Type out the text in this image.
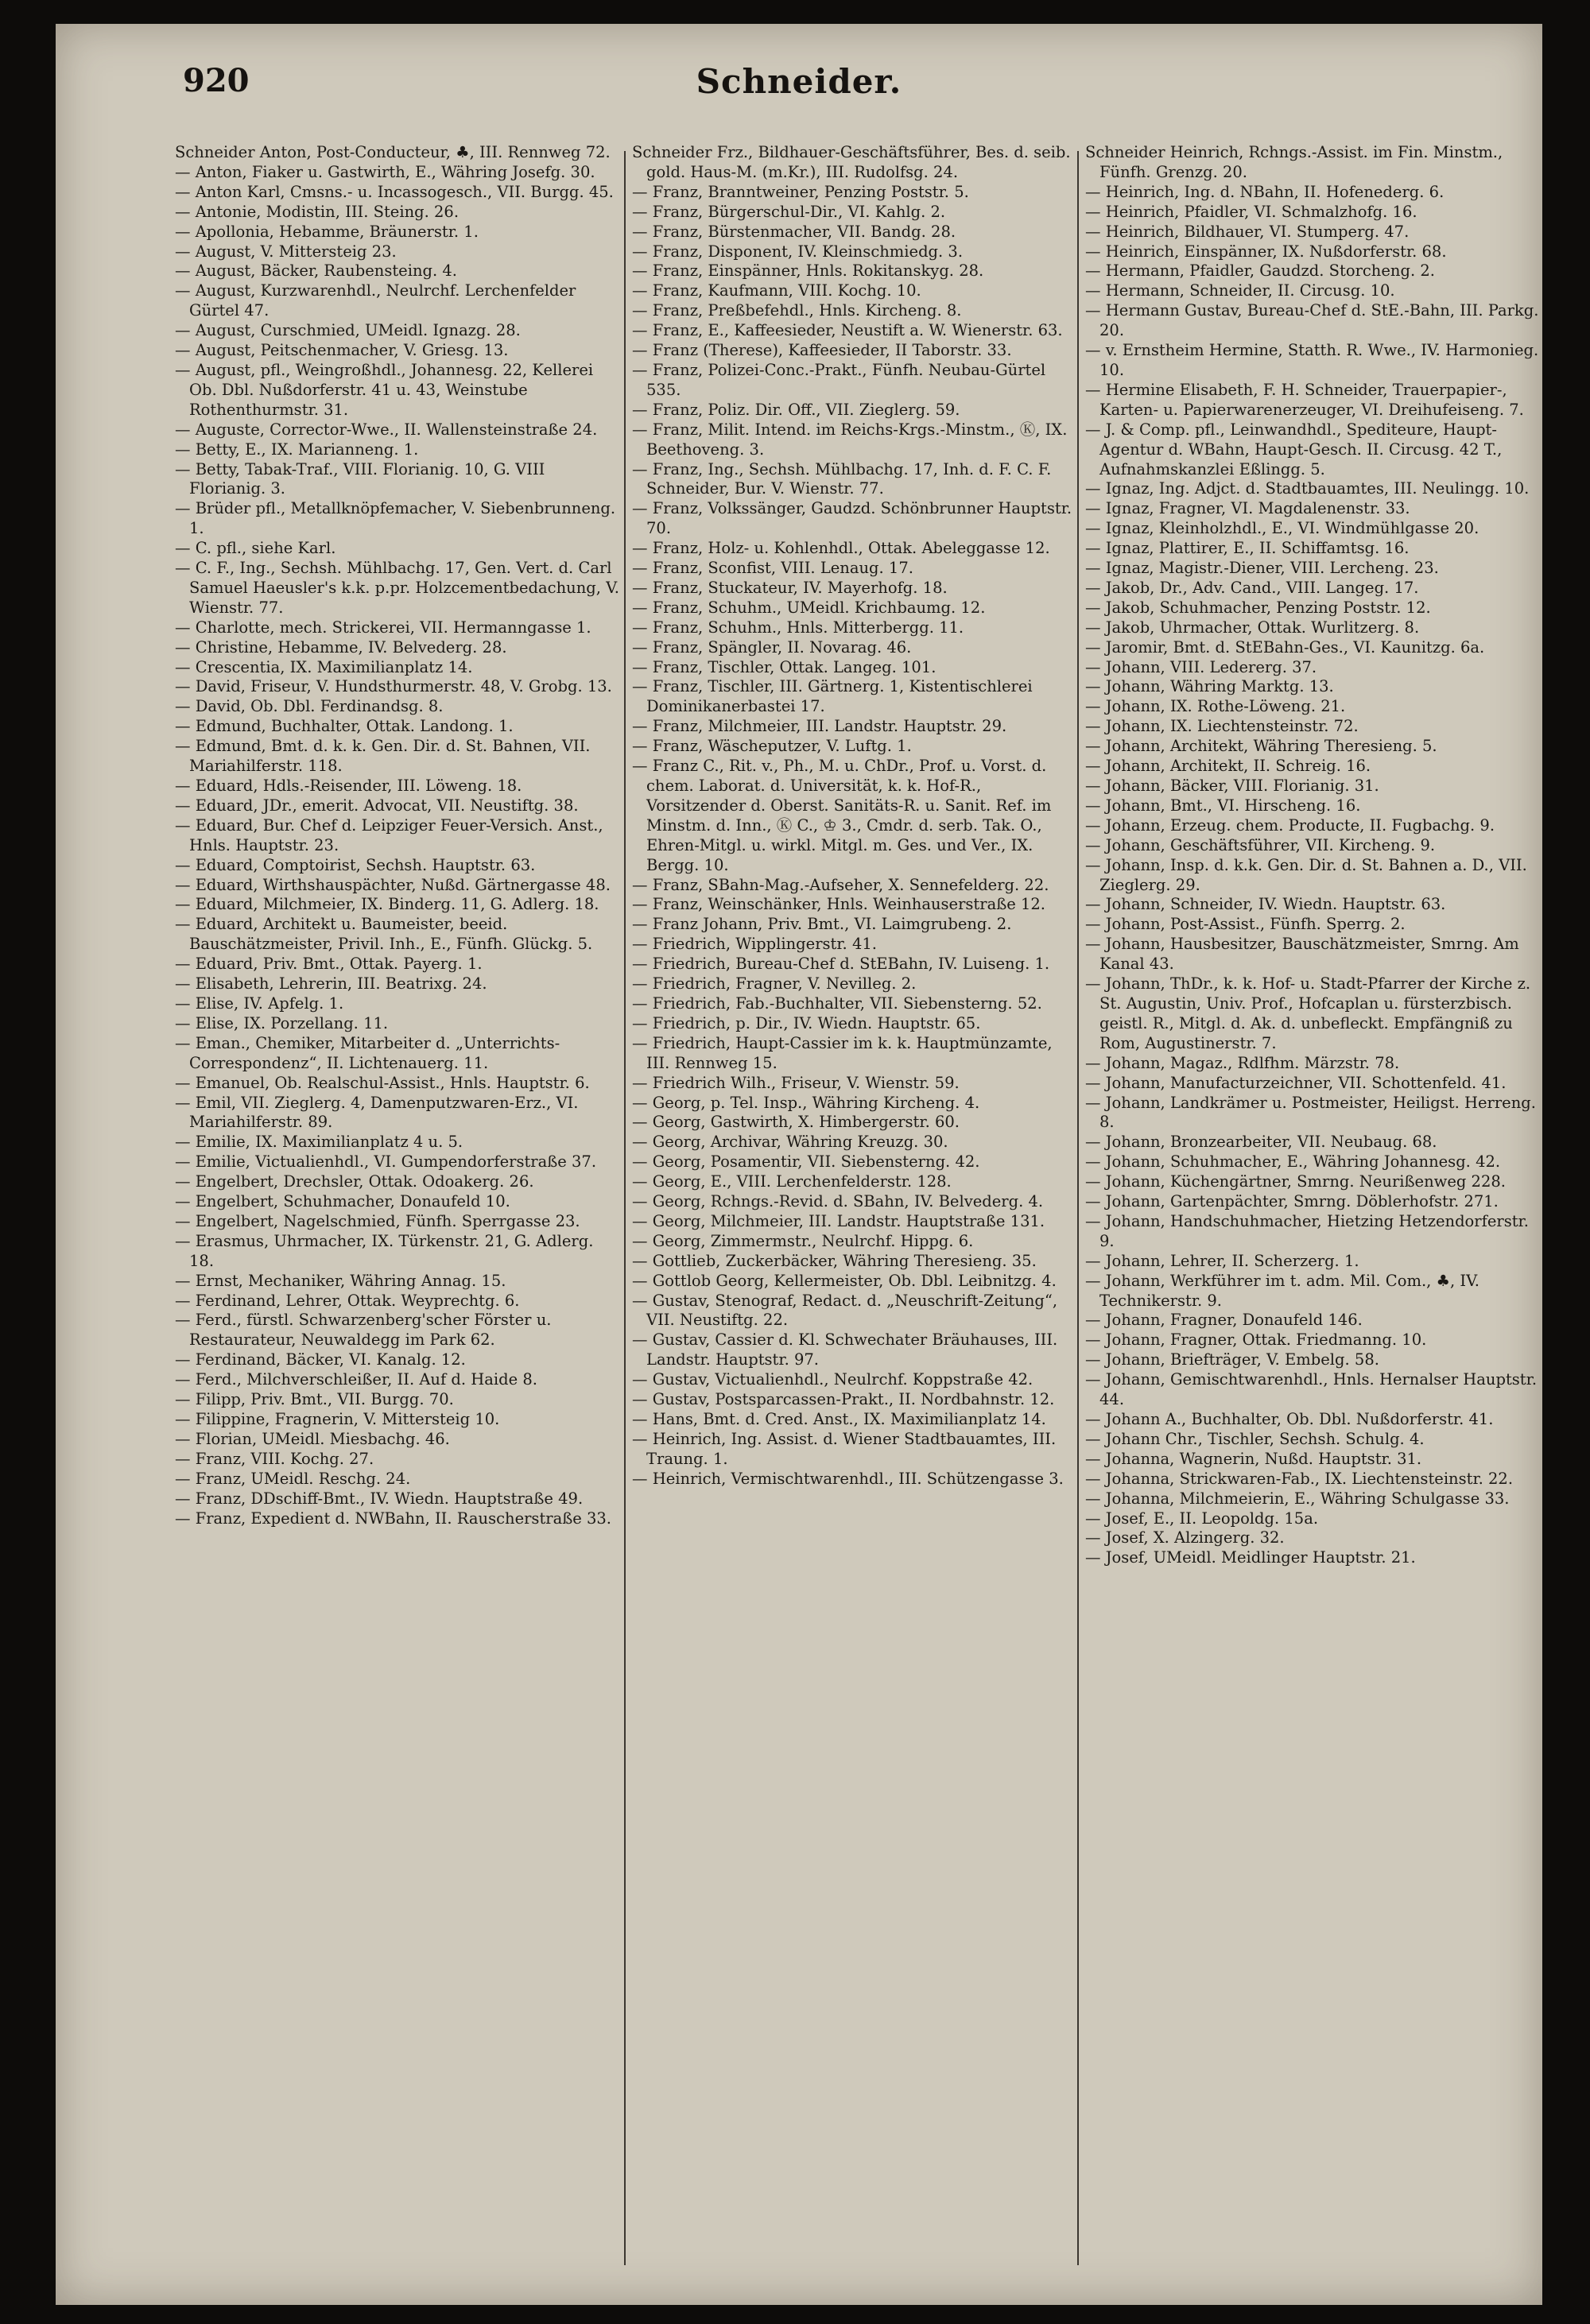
920	Schneider.

Schneider Anton, Post-Conducteur, ♣, III. Rennweg 72.

— Anton, Fiaker u. Gastwirth, E., Währing Josefg. 30.

— Anton Karl, Cmsns.- u. Incassogesch., VII. Burgg. 45.

— Antonie, Modistin, III. Steing. 26.

— Apollonia, Hebamme, Bräunerstr. 1.

— August, V. Mittersteig 23.

— August, Bäcker, Raubensteing. 4.

— August, Kurzwarenhdl., Neulrchf. Lerchenfelder Gürtel 47.

— August, Curschmied, UMeidl. Ignazg. 28.

— August, Peitschenmacher, V. Griesg. 13.

— August, pfl., Weingroßhdl., Johannesg. 22, Kellerei Ob. Dbl. Nußdorferstr. 41 u. 43, Weinstube Rothenthurmstr. 31.

— Auguste, Corrector-Wwe., II. Wallensteinstraße 24.

— Betty, E., IX. Marianneng. 1.

— Betty, Tabak-Traf., VIII. Florianig. 10, G. VIII Florianig. 3.

— Brüder pfl., Metallknöpfemacher, V. Siebenbrunneng. 1.

— C. pfl., siehe Karl.

— C. F., Ing., Sechsh. Mühlbachg. 17, Gen. Vert. d. Carl Samuel Haeusler's k.k. p.pr. Holzcementbedachung, V. Wienstr. 77.

— Charlotte, mech. Strickerei, VII. Hermanngasse 1.

— Christine, Hebamme, IV. Belvederg. 28.

— Crescentia, IX. Maximilianplatz 14.

— David, Friseur, V. Hundsthurmerstr. 48, V. Grobg. 13.

— David, Ob. Dbl. Ferdinandsg. 8.

— Edmund, Buchhalter, Ottak. Landong. 1.

— Edmund, Bmt. d. k. k. Gen. Dir. d. St. Bahnen, VII. Mariahilferstr. 118.

— Eduard, Hdls.-Reisender, III. Löweng. 18.

— Eduard, JDr., emerit. Advocat, VII. Neustiftg. 38.

— Eduard, Bur. Chef d. Leipziger Feuer-Versich. Anst., Hnls. Hauptstr. 23.

— Eduard, Comptoirist, Sechsh. Hauptstr. 63.

— Eduard, Wirthshauspächter, Nußd. Gärtnergasse 48.

— Eduard, Milchmeier, IX. Binderg. 11, G. Adlerg. 18.

— Eduard, Architekt u. Baumeister, beeid. Bauschätzmeister, Privil. Inh., E., Fünfh. Glückg. 5.

— Eduard, Priv. Bmt., Ottak. Payerg. 1.

— Elisabeth, Lehrerin, III. Beatrixg. 24.

— Elise, IV. Apfelg. 1.

— Elise, IX. Porzellang. 11.

— Eman., Chemiker, Mitarbeiter d. „Unterrichts-Correspondenz“, II. Lichtenauerg. 11.

— Emanuel, Ob. Realschul-Assist., Hnls. Hauptstr. 6.

— Emil, VII. Zieglerg. 4, Damenputzwaren-Erz., VI. Mariahilferstr. 89.

— Emilie, IX. Maximilianplatz 4 u. 5.

— Emilie, Victualienhdl., VI. Gumpendorferstraße 37.

— Engelbert, Drechsler, Ottak. Odoakerg. 26.

— Engelbert, Schuhmacher, Donaufeld 10.

— Engelbert, Nagelschmied, Fünfh. Sperrgasse 23.

— Erasmus, Uhrmacher, IX. Türkenstr. 21, G. Adlerg. 18.

— Ernst, Mechaniker, Währing Annag. 15.

— Ferdinand, Lehrer, Ottak. Weyprechtg. 6.

— Ferd., fürstl. Schwarzenberg'scher Förster u. Restaurateur, Neuwaldegg im Park 62.

— Ferdinand, Bäcker, VI. Kanalg. 12.

— Ferd., Milchverschleißer, II. Auf d. Haide 8.

— Filipp, Priv. Bmt., VII. Burgg. 70.

— Filippine, Fragnerin, V. Mittersteig 10.

— Florian, UMeidl. Miesbachg. 46.

— Franz, VIII. Kochg. 27.

— Franz, UMeidl. Reschg. 24.

— Franz, DDschiff-Bmt., IV. Wiedn. Hauptstraße 49.

— Franz, Expedient d. NWBahn, II. Rauscherstraße 33.

Schneider Frz., Bildhauer-Geschäftsführer, Bes. d. seib. gold. Haus-M. (m.Kr.), III. Rudolfsg. 24.

— Franz, Branntweiner, Penzing Poststr. 5.

— Franz, Bürgerschul-Dir., VI. Kahlg. 2.

— Franz, Bürstenmacher, VII. Bandg. 28.

— Franz, Disponent, IV. Kleinschmiedg. 3.

— Franz, Einspänner, Hnls. Rokitanskyg. 28.

— Franz, Kaufmann, VIII. Kochg. 10.

— Franz, Preßbefehdl., Hnls. Kircheng. 8.

— Franz, E., Kaffeesieder, Neustift a. W. Wienerstr. 63.

— Franz (Therese), Kaffeesieder, II Taborstr. 33.

— Franz, Polizei-Conc.-Prakt., Fünfh. Neubau-Gürtel 535.

— Franz, Poliz. Dir. Off., VII. Zieglerg. 59.

— Franz, Milit. Intend. im Reichs-Krgs.-Minstm., Ⓚ, IX. Beethoveng. 3.

— Franz, Ing., Sechsh. Mühlbachg. 17, Inh. d. F. C. F. Schneider, Bur. V. Wienstr. 77.

— Franz, Volkssänger, Gaudzd. Schönbrunner Hauptstr. 70.

— Franz, Holz- u. Kohlenhdl., Ottak. Abeleggasse 12.

— Franz, Sconfist, VIII. Lenaug. 17.

— Franz, Stuckateur, IV. Mayerhofg. 18.

— Franz, Schuhm., UMeidl. Krichbaumg. 12.

— Franz, Schuhm., Hnls. Mitterbergg. 11.

— Franz, Spängler, II. Novarag. 46.

— Franz, Tischler, Ottak. Langeg. 101.

— Franz, Tischler, III. Gärtnerg. 1, Kistentischlerei Dominikanerbastei 17.

— Franz, Milchmeier, III. Landstr. Hauptstr. 29.

— Franz, Wäscheputzer, V. Luftg. 1.

— Franz C., Rit. v., Ph., M. u. ChDr., Prof. u. Vorst. d. chem. Laborat. d. Universität, k. k. Hof-R., Vorsitzender d. Oberst. Sanitäts-R. u. Sanit. Ref. im Minstm. d. Inn., Ⓚ C., ♔ 3., Cmdr. d. serb. Tak. O., Ehren-Mitgl. u. wirkl. Mitgl. m. Ges. und Ver., IX. Bergg. 10.

— Franz, SBahn-Mag.-Aufseher, X. Sennefelderg. 22.

— Franz, Weinschänker, Hnls. Weinhauserstraße 12.

— Franz Johann, Priv. Bmt., VI. Laimgrubeng. 2.

— Friedrich, Wipplingerstr. 41.

— Friedrich, Bureau-Chef d. StEBahn, IV. Luiseng. 1.

— Friedrich, Fragner, V. Nevilleg. 2.

— Friedrich, Fab.-Buchhalter, VII. Siebensterng. 52.

— Friedrich, p. Dir., IV. Wiedn. Hauptstr. 65.

— Friedrich, Haupt-Cassier im k. k. Hauptmünzamte, III. Rennweg 15.

— Friedrich Wilh., Friseur, V. Wienstr. 59.

— Georg, p. Tel. Insp., Währing Kircheng. 4.

— Georg, Gastwirth, X. Himbergerstr. 60.

— Georg, Archivar, Währing Kreuzg. 30.

— Georg, Posamentir, VII. Siebensterng. 42.

— Georg, E., VIII. Lerchenfelderstr. 128.

— Georg, Rchngs.-Revid. d. SBahn, IV. Belvederg. 4.

— Georg, Milchmeier, III. Landstr. Hauptstraße 131.

— Georg, Zimmermstr., Neulrchf. Hippg. 6.

— Gottlieb, Zuckerbäcker, Währing Theresieng. 35.

— Gottlob Georg, Kellermeister, Ob. Dbl. Leibnitzg. 4.

— Gustav, Stenograf, Redact. d. „Neuschrift-Zeitung“, VII. Neustiftg. 22.

— Gustav, Cassier d. Kl. Schwechater Bräuhauses, III. Landstr. Hauptstr. 97.

— Gustav, Victualienhdl., Neulrchf. Koppstraße 42.

— Gustav, Postsparcassen-Prakt., II. Nordbahnstr. 12.

— Hans, Bmt. d. Cred. Anst., IX. Maximilianplatz 14.

— Heinrich, Ing. Assist. d. Wiener Stadtbauamtes, III. Traung. 1.

— Heinrich, Vermischtwarenhdl., III. Schützengasse 3.

Schneider Heinrich, Rchngs.-Assist. im Fin. Minstm., Fünfh. Grenzg. 20.

— Heinrich, Ing. d. NBahn, II. Hofenederg. 6.

— Heinrich, Pfaidler, VI. Schmalzhofg. 16.

— Heinrich, Bildhauer, VI. Stumperg. 47.

— Heinrich, Einspänner, IX. Nußdorferstr. 68.

— Hermann, Pfaidler, Gaudzd. Storcheng. 2.

— Hermann, Schneider, II. Circusg. 10.

— Hermann Gustav, Bureau-Chef d. StE.-Bahn, III. Parkg. 20.

— v. Ernstheim Hermine, Statth. R. Wwe., IV. Harmonieg. 10.

— Hermine Elisabeth, F. H. Schneider, Trauerpapier-, Karten- u. Papierwarenerzeuger, VI. Dreihufeiseng. 7.

— J. & Comp. pfl., Leinwandhdl., Spediteure, Haupt-Agentur d. WBahn, Haupt-Gesch. II. Circusg. 42 T., Aufnahmskanzlei Eßlingg. 5.

— Ignaz, Ing. Adjct. d. Stadtbauamtes, III. Neulingg. 10.

— Ignaz, Fragner, VI. Magdalenenstr. 33.

— Ignaz, Kleinholzhdl., E., VI. Windmühlgasse 20.

— Ignaz, Plattirer, E., II. Schiffamtsg. 16.

— Ignaz, Magistr.-Diener, VIII. Lercheng. 23.

— Jakob, Dr., Adv. Cand., VIII. Langeg. 17.

— Jakob, Schuhmacher, Penzing Poststr. 12.

— Jakob, Uhrmacher, Ottak. Wurlitzerg. 8.

— Jaromir, Bmt. d. StEBahn-Ges., VI. Kaunitzg. 6a.

— Johann, VIII. Ledererg. 37.

— Johann, Währing Marktg. 13.

— Johann, IX. Rothe-Löweng. 21.

— Johann, IX. Liechtensteinstr. 72.

— Johann, Architekt, Währing Theresieng. 5.

— Johann, Architekt, II. Schreig. 16.

— Johann, Bäcker, VIII. Florianig. 31.

— Johann, Bmt., VI. Hirscheng. 16.

— Johann, Erzeug. chem. Producte, II. Fugbachg. 9.

— Johann, Geschäftsführer, VII. Kircheng. 9.

— Johann, Insp. d. k.k. Gen. Dir. d. St. Bahnen a. D., VII. Zieglerg. 29.

— Johann, Schneider, IV. Wiedn. Hauptstr. 63.

— Johann, Post-Assist., Fünfh. Sperrg. 2.

— Johann, Hausbesitzer, Bauschätzmeister, Smrng. Am Kanal 43.

— Johann, ThDr., k. k. Hof- u. Stadt-Pfarrer der Kirche z. St. Augustin, Univ. Prof., Hofcaplan u. fürsterzbisch. geistl. R., Mitgl. d. Ak. d. unbefleckt. Empfängniß zu Rom, Augustinerstr. 7.

— Johann, Magaz., Rdlfhm. Märzstr. 78.

— Johann, Manufacturzeichner, VII. Schottenfeld. 41.

— Johann, Landkrämer u. Postmeister, Heiligst. Herreng. 8.

— Johann, Bronzearbeiter, VII. Neubaug. 68.

— Johann, Schuhmacher, E., Währing Johannesg. 42.

— Johann, Küchengärtner, Smrng. Neurißenweg 228.

— Johann, Gartenpächter, Smrng. Döblerhofstr. 271.

— Johann, Handschuhmacher, Hietzing Hetzendorferstr. 9.

— Johann, Lehrer, II. Scherzerg. 1.

— Johann, Werkführer im t. adm. Mil. Com., ♣, IV. Technikerstr. 9.

— Johann, Fragner, Donaufeld 146.

— Johann, Fragner, Ottak. Friedmanng. 10.

— Johann, Briefträger, V. Embelg. 58.

— Johann, Gemischtwarenhdl., Hnls. Hernalser Hauptstr. 44.

— Johann A., Buchhalter, Ob. Dbl. Nußdorferstr. 41.

— Johann Chr., Tischler, Sechsh. Schulg. 4.

— Johanna, Wagnerin, Nußd. Hauptstr. 31.

— Johanna, Strickwaren-Fab., IX. Liechtensteinstr. 22.

— Johanna, Milchmeierin, E., Währing Schulgasse 33.

— Josef, E., II. Leopoldg. 15a.

— Josef, X. Alzingerg. 32.

— Josef, UMeidl. Meidlinger Hauptstr. 21.
